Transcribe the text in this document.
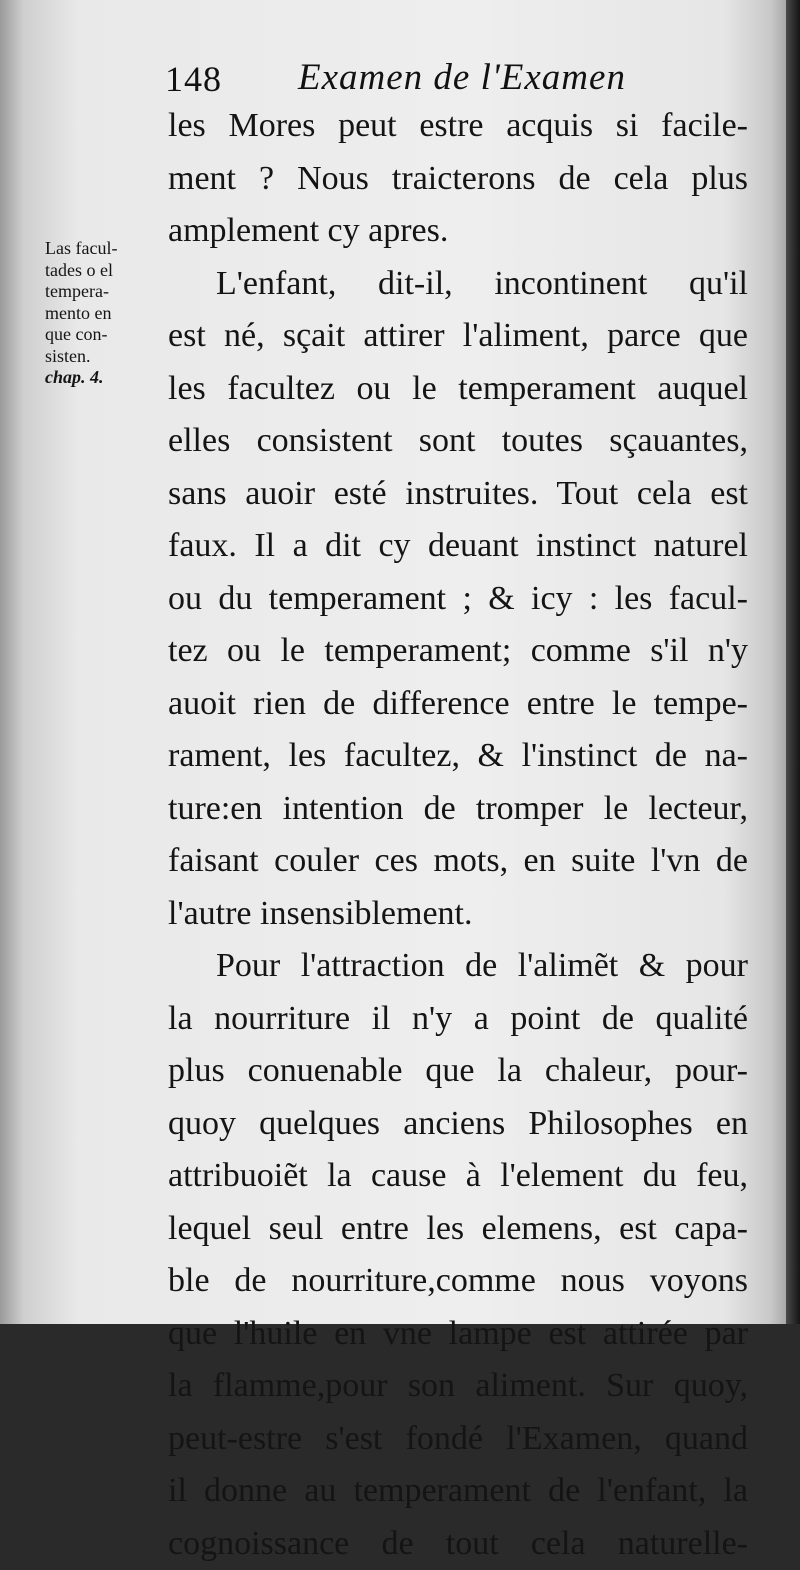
148 Examen de l'Examen
Las facul-
tades o el
tempera-
mento en
que con-
sisten.
chap. 4.
les Mores peut estre acquis si facile-
ment ? Nous traicterons de cela plus
amplement cy apres.
L'enfant, dit-il, incontinent qu'il
est né, sçait attirer l'aliment, parce que
les facultez ou le temperament auquel
elles consistent sont toutes sçauantes,
sans auoir esté instruites. Tout cela est
faux. Il a dit cy deuant instinct naturel
ou du temperament ; & icy : les facul-
tez ou le temperament; comme s'il n'y
auoit rien de difference entre le tempe-
rament, les facultez, & l'instinct de na-
ture:en intention de tromper le lecteur,
faisant couler ces mots, en suite l'vn de
l'autre insensiblement.
Pour l'attraction de l'alimẽt & pour
la nourriture il n'y a point de qualité
plus conuenable que la chaleur, pour-
quoy quelques anciens Philosophes en
attribuoiẽt la cause à l'element du feu,
lequel seul entre les elemens, est capa-
ble de nourriture,comme nous voyons
que l'huile en vne lampe est attirée par
la flamme,pour son aliment. Sur quoy,
peut-estre s'est fondé l'Examen, quand
il donne au temperament de l'enfant, la
cognoissance de tout cela naturelle-
